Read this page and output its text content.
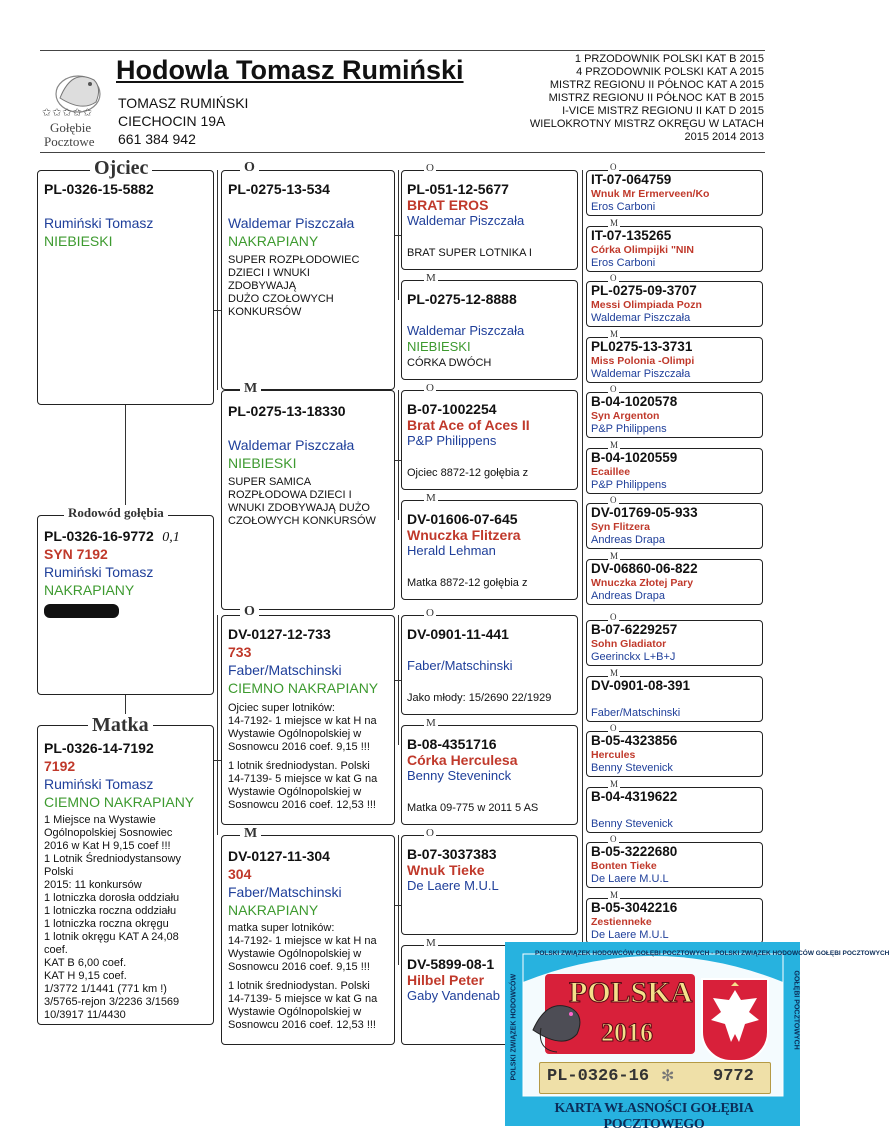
✩✩✩✩✩
Gołębie
Pocztowe
Hodowla Tomasz Rumiński
TOMASZ RUMIŃSKI
CIECHOCIN 19A
661 384 942
1 PRZODOWNIK POLSKI KAT B 2015
4 PRZODOWNIK POLSKI KAT A 2015
MISTRZ REGIONU II PÓŁNOC KAT A 2015
MISTRZ REGIONU II PÓŁNOC KAT B 2015
I-VICE MISTRZ REGIONU II KAT D 2015
WIELOKROTNY MISTRZ OKRĘGU W LATACH
2015 2014 2013
PL-0326-15-5882
Rumiński Tomasz
NIEBIESKI
Ojciec
PL-0326-16-9772 0,1
SYN 7192
Rumiński Tomasz
NAKRAPIANY
Rodowód gołębia
PL-0326-14-7192
7192
Rumiński Tomasz
CIEMNO NAKRAPIANY
1 Miejsce na Wystawie
Ogólnopolskiej Sosnowiec
2016 w Kat H 9,15 coef !!!
1 Lotnik Średniodystansowy
Polski
2015: 11 konkursów
1 lotniczka dorosła oddziału
1 lotniczka roczna oddziału
1 lotniczka roczna okręgu
1 lotnik okręgu KAT A 24,08
coef.
KAT B 6,00 coef.
KAT H 9,15 coef.
1/3772 1/1441 (771 km !)
3/5765-rejon 3/2236 3/1569
10/3917 11/4430
Matka
PL-0275-13-534
Waldemar Piszczała
NAKRAPIANY
SUPER ROZPŁODOWIEC
DZIECI I WNUKI
ZDOBYWAJĄ
DUŻO CZOŁOWYCH
KONKURSÓW
O
PL-0275-13-18330
Waldemar Piszczała
NIEBIESKI
SUPER SAMICA
ROZPŁODOWA DZIECI I
WNUKI ZDOBYWAJĄ DUŻO
CZOŁOWYCH KONKURSÓW
M
DV-0127-12-733
733
Faber/Matschinski
CIEMNO NAKRAPIANY
Ojciec super lotników:
14-7192- 1 miejsce w kat H na
Wystawie Ogólnopolskiej w
Sosnowcu 2016 coef. 9,15 !!!
1 lotnik średniodystan. Polski
14-7139- 5 miejsce w kat G na
Wystawie Ogólnopolskiej w
Sosnowcu 2016 coef. 12,53 !!!
O
DV-0127-11-304
304
Faber/Matschinski
NAKRAPIANY
matka super lotników:
14-7192- 1 miejsce w kat H na
Wystawie Ogólnopolskiej w
Sosnowcu 2016 coef. 9,15 !!!
1 lotnik średniodystan. Polski
14-7139- 5 miejsce w kat G na
Wystawie Ogólnopolskiej w
Sosnowcu 2016 coef. 12,53 !!!
M
PL-051-12-5677
BRAT EROS
Waldemar Piszczała
BRAT SUPER LOTNIKA I
O
PL-0275-12-8888
Waldemar Piszczała
NIEBIESKI
CÓRKA DWÓCH
M
B-07-1002254
Brat Ace of Aces II
P&P Philippens
Ojciec 8872-12 gołębia z
O
DV-01606-07-645
Wnuczka Flitzera
Herald Lehman
Matka 8872-12 gołębia z
M
DV-0901-11-441
Faber/Matschinski
Jako młody: 15/2690 22/1929
O
B-08-4351716
Córka Herculesa
Benny Steveninck
Matka 09-775 w 2011 5 AS
M
B-07-3037383
Wnuk Tieke
De Laere M.U.L
O
DV-5899-08-1
Hilbel Peter
Gaby Vandenab
M
IT-07-064759
Wnuk Mr Ermerveen/Ko
Eros Carboni
O
IT-07-135265
Córka Olimpijki "NIN
Eros Carboni
M
PL-0275-09-3707
Messi Olimpiada Pozn
Waldemar Piszczała
O
PL0275-13-3731
Miss Polonia -Olimpi
Waldemar Piszczała
M
B-04-1020578
Syn Argenton
P&P Philippens
O
B-04-1020559
Ecaillee
P&P Philippens
M
DV-01769-05-933
Syn Flitzera
Andreas Drapa
O
DV-06860-06-822
Wnuczka Złotej Pary
Andreas Drapa
M
B-07-6229257
Sohn Gladiator
Geerinckx L+B+J
O
DV-0901-08-391
Faber/Matschinski
M
B-05-4323856
Hercules
Benny Stevenick
O
B-04-4319622
Benny Stevenick
M
B-05-3222680
Bonten Tieke
De Laere M.U.L
O
B-05-3042216
Zestienneke
De Laere M.U.L
M
POLSKI ZWIĄZEK HODOWCÓW GOŁĘBI POCZTOWYCH - POLSKI ZWIĄZEK HODOWCÓW GOŁĘBI POCZTOWYCH
POLSKI ZWIĄZEK HODOWCÓW	GOŁĘBI POCZTOWYCH
POLSKA
2016
PL-0326-16 ✻ 9772
KARTA WŁASNOŚCI GOŁĘBIA POCZTOWEGO
